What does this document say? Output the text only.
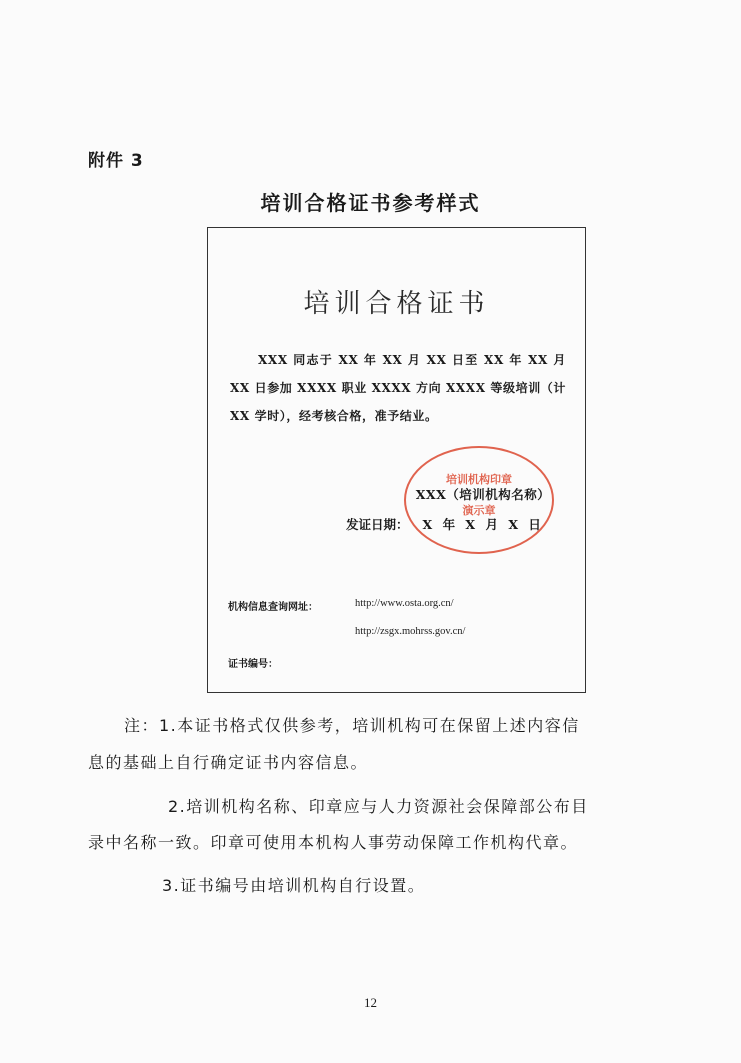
附件 3
培训合格证书参考样式
培训合格证书
XXX 同志于 XX 年 XX 月 XX 日至 XX 年 XX 月 XX 日参加 XXXX 职业 XXXX 方向 XXXX 等级培训（计 XX 学时），经考核合格，准予结业。
培训机构印章
XXX（培训机构名称）
演示章
发证日期： X 年 X 月 X 日
机构信息查询网址：	http://www.osta.org.cn/
http://zsgx.mohrss.gov.cn/
证书编号：
注：1.本证书格式仅供参考，培训机构可在保留上述内容信
息的基础上自行确定证书内容信息。
2.培训机构名称、印章应与人力资源社会保障部公布目
录中名称一致。印章可使用本机构人事劳动保障工作机构代章。
3.证书编号由培训机构自行设置。
12
